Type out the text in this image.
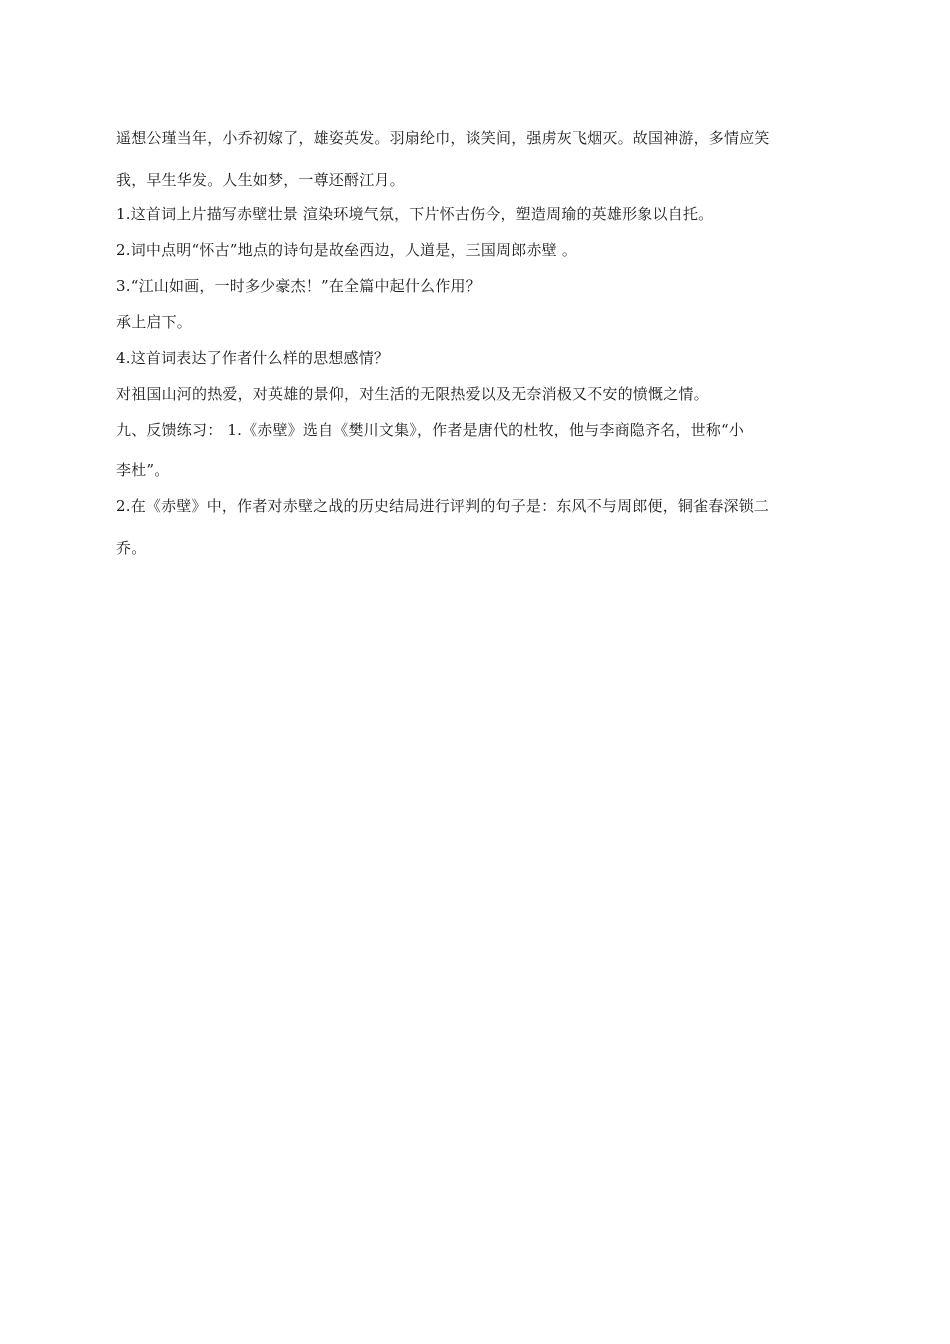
遥想公瑾当年，小乔初嫁了，雄姿英发。羽扇纶巾，谈笑间，强虏灰飞烟灭。故国神游，多情应笑
我，早生华发。人生如梦，一尊还酹江月。
1.这首词上片描写赤壁壮景 渲染环境气氛，下片怀古伤今，塑造周瑜的英雄形象以自托。
2.词中点明“怀古”地点的诗句是故垒西边，人道是，三国周郎赤壁 。
3.“江山如画，一时多少豪杰！”在全篇中起什么作用？
承上启下。
4.这首词表达了作者什么样的思想感情？
对祖国山河的热爱，对英雄的景仰，对生活的无限热爱以及无奈消极又不安的愤慨之情。
九、反馈练习： 1.《赤壁》选自《樊川文集》，作者是唐代的杜牧，他与李商隐齐名，世称“小
李杜”。
2.在《赤壁》中，作者对赤壁之战的历史结局进行评判的句子是：东风不与周郎便，铜雀春深锁二
乔。
